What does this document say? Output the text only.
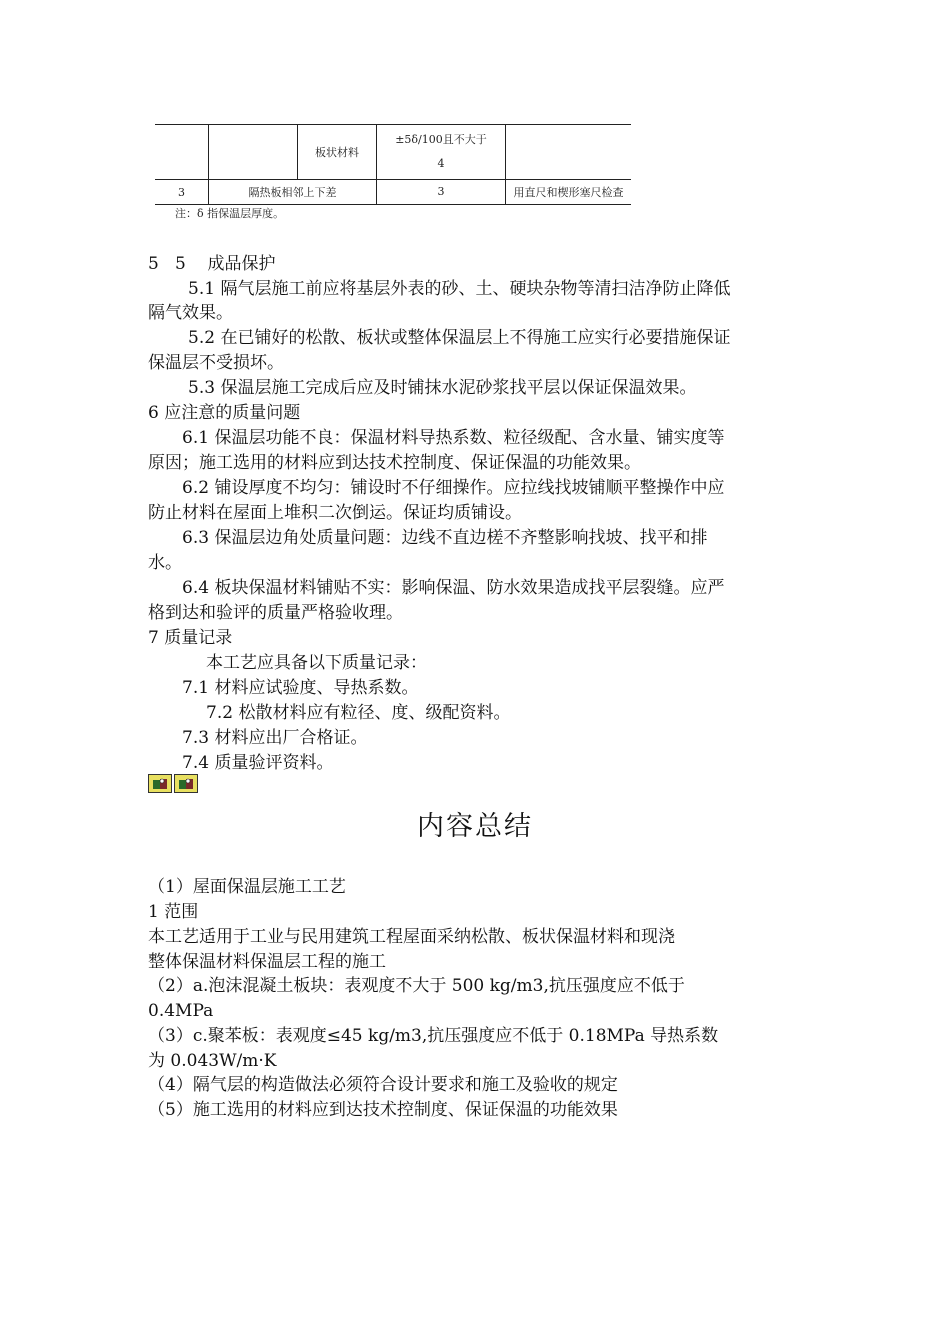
		板状材料	±5δ/100且不大于
4	

3	隔热板相邻上下差		3	用直尺和楔形塞尺检查
注：δ 指保温层厚度。
5   5    成品保护
5.1 隔气层施工前应将基层外表的砂、土、硬块杂物等清扫洁净防止降低
隔气效果。
5.2 在已铺好的松散、板状或整体保温层上不得施工应实行必要措施保证
保温层不受损坏。
5.3 保温层施工完成后应及时铺抹水泥砂浆找平层以保证保温效果。
6 应注意的质量问题
6.1 保温层功能不良：保温材料导热系数、粒径级配、含水量、铺实度等
原因；施工选用的材料应到达技术控制度、保证保温的功能效果。
6.2 铺设厚度不均匀：铺设时不仔细操作。应拉线找坡铺顺平整操作中应
防止材料在屋面上堆积二次倒运。保证均质铺设。
6.3 保温层边角处质量问题：边线不直边槎不齐整影响找坡、找平和排
水。
6.4 板块保温材料铺贴不实：影响保温、防水效果造成找平层裂缝。应严
格到达和验评的质量严格验收理。
7 质量记录
本工艺应具备以下质量记录：
7.1 材料应试验度、导热系数。
7.2 松散材料应有粒径、度、级配资料。
7.3 材料应出厂合格证。
7.4 质量验评资料。
内容总结
（1）屋面保温层施工工艺
1 范围
本工艺适用于工业与民用建筑工程屋面采纳松散、板状保温材料和现浇
整体保温材料保温层工程的施工
（2）a.泡沫混凝土板块：表观度不大于 500 kg/m3,抗压强度应不低于
0.4MPa
（3）c.聚苯板：表观度≤45 kg/m3,抗压强度应不低于 0.18MPa 导热系数
为 0.043W/m·K
（4）隔气层的构造做法必须符合设计要求和施工及验收的规定
（5）施工选用的材料应到达技术控制度、保证保温的功能效果
